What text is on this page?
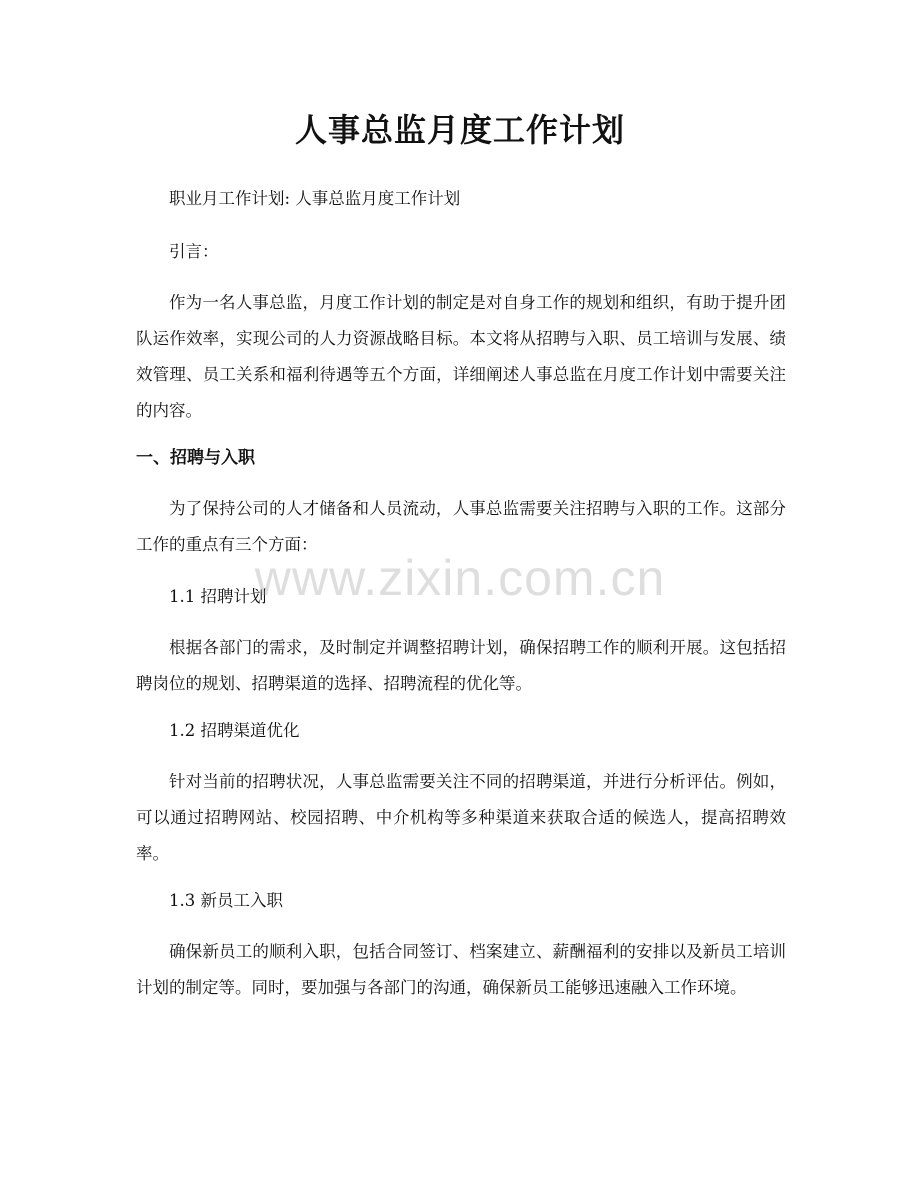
人事总监月度工作计划

职业月工作计划: 人事总监月度工作计划

引言：

作为一名人事总监，月度工作计划的制定是对自身工作的规划和组织，有助于提升团队运作效率，实现公司的人力资源战略目标。本文将从招聘与入职、员工培训与发展、绩效管理、员工关系和福利待遇等五个方面，详细阐述人事总监在月度工作计划中需要关注的内容。

一、招聘与入职

为了保持公司的人才储备和人员流动，人事总监需要关注招聘与入职的工作。这部分工作的重点有三个方面：

1.1 招聘计划

根据各部门的需求，及时制定并调整招聘计划，确保招聘工作的顺利开展。这包括招聘岗位的规划、招聘渠道的选择、招聘流程的优化等。

1.2 招聘渠道优化

针对当前的招聘状况，人事总监需要关注不同的招聘渠道，并进行分析评估。例如，可以通过招聘网站、校园招聘、中介机构等多种渠道来获取合适的候选人，提高招聘效率。

1.3 新员工入职

确保新员工的顺利入职，包括合同签订、档案建立、薪酬福利的安排以及新员工培训计划的制定等。同时，要加强与各部门的沟通，确保新员工能够迅速融入工作环境。

www.zixin.com.cn
